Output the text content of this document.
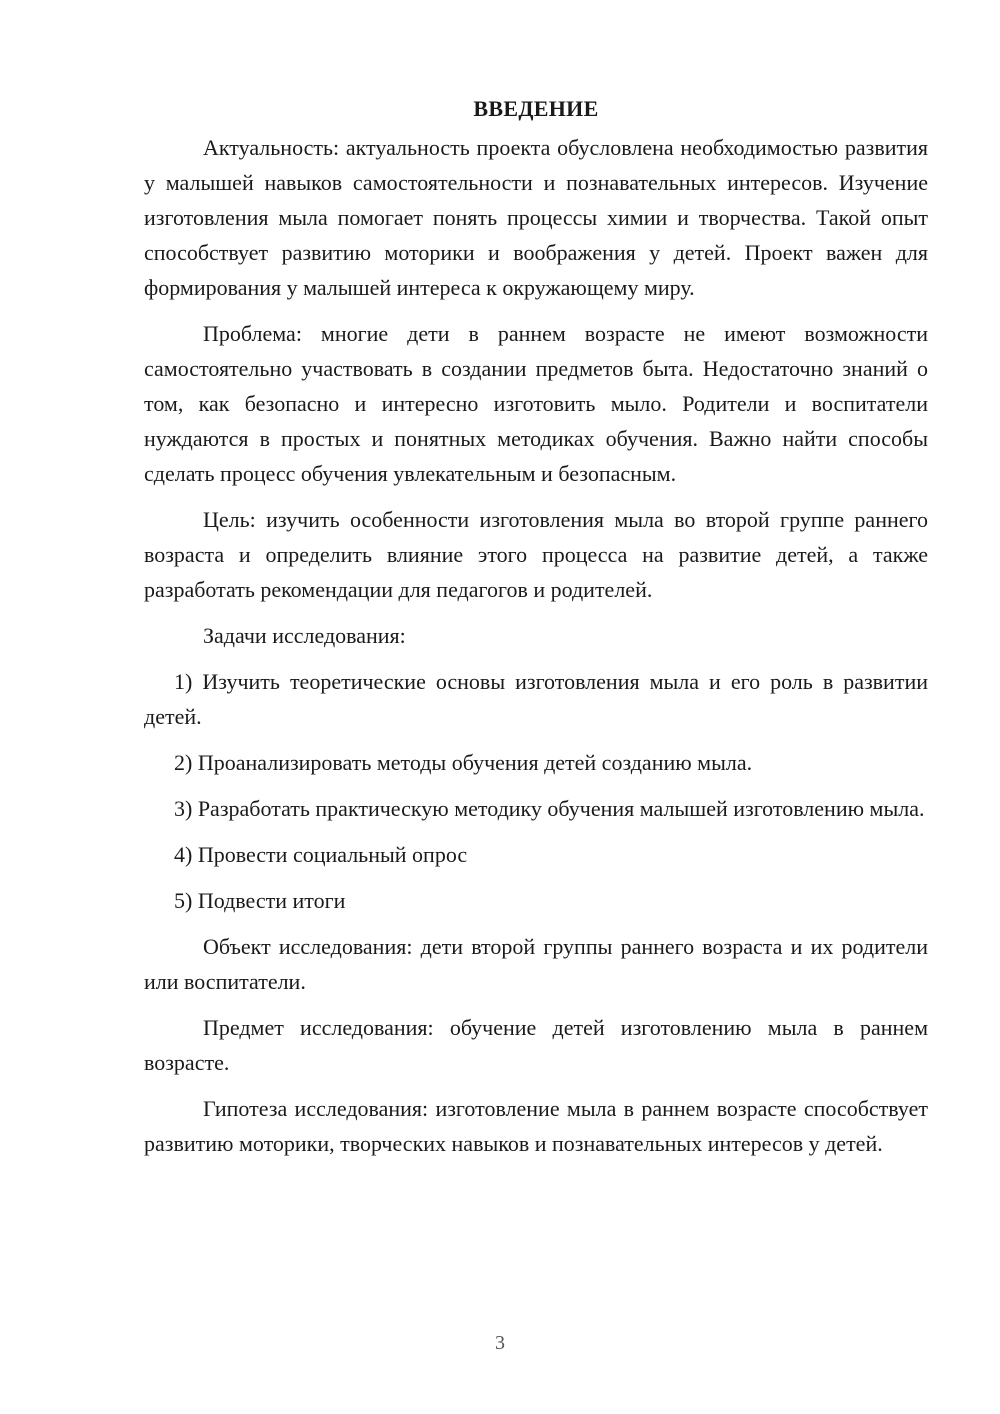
ВВЕДЕНИЕ

Актуальность: актуальность проекта обусловлена необходимостью развития у малышей навыков самостоятельности и познавательных интересов. Изучение изготовления мыла помогает понять процессы химии и творчества. Такой опыт способствует развитию моторики и воображения у детей. Проект важен для формирования у малышей интереса к окружающему миру.

Проблема: многие дети в раннем возрасте не имеют возможности самостоятельно участвовать в создании предметов быта. Недостаточно знаний о том, как безопасно и интересно изготовить мыло. Родители и воспитатели нуждаются в простых и понятных методиках обучения. Важно найти способы сделать процесс обучения увлекательным и безопасным.

Цель: изучить особенности изготовления мыла во второй группе раннего возраста и определить влияние этого процесса на развитие детей, а также разработать рекомендации для педагогов и родителей.

Задачи исследования:

1) Изучить теоретические основы изготовления мыла и его роль в развитии детей.

2) Проанализировать методы обучения детей созданию мыла.

3) Разработать практическую методику обучения малышей изготовлению мыла.

4) Провести социальный опрос

5) Подвести итоги

Объект исследования: дети второй группы раннего возраста и их родители или воспитатели.

Предмет исследования: обучение детей изготовлению мыла в раннем возрасте.

Гипотеза исследования: изготовление мыла в раннем возрасте способствует развитию моторики, творческих навыков и познавательных интересов у детей.

3
